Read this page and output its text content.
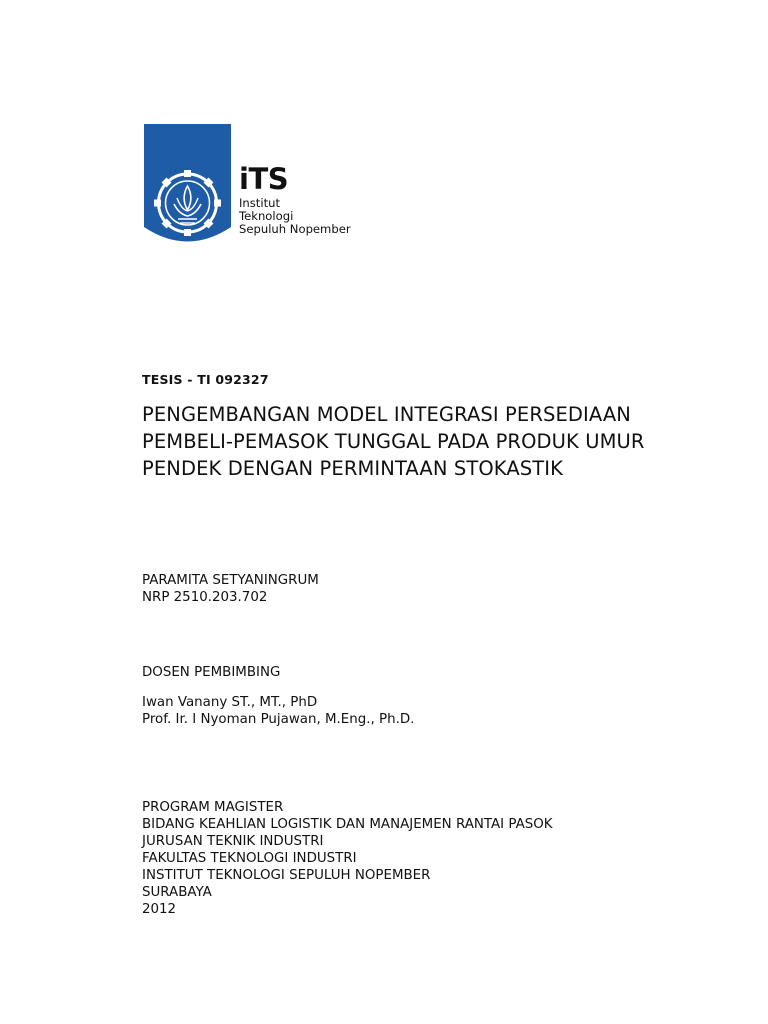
iTS
Institut
Teknologi
Sepuluh Nopember
TESIS - TI 092327
PENGEMBANGAN MODEL INTEGRASI PERSEDIAAN
PEMBELI-PEMASOK TUNGGAL PADA PRODUK UMUR
PENDEK DENGAN PERMINTAAN STOKASTIK
PARAMITA SETYANINGRUM
NRP 2510.203.702
DOSEN PEMBIMBING
Iwan Vanany ST., MT., PhD
Prof. Ir. I Nyoman Pujawan, M.Eng., Ph.D.
PROGRAM MAGISTER
BIDANG KEAHLIAN LOGISTIK DAN MANAJEMEN RANTAI PASOK
JURUSAN TEKNIK INDUSTRI
FAKULTAS TEKNOLOGI INDUSTRI
INSTITUT TEKNOLOGI SEPULUH NOPEMBER
SURABAYA
2012
